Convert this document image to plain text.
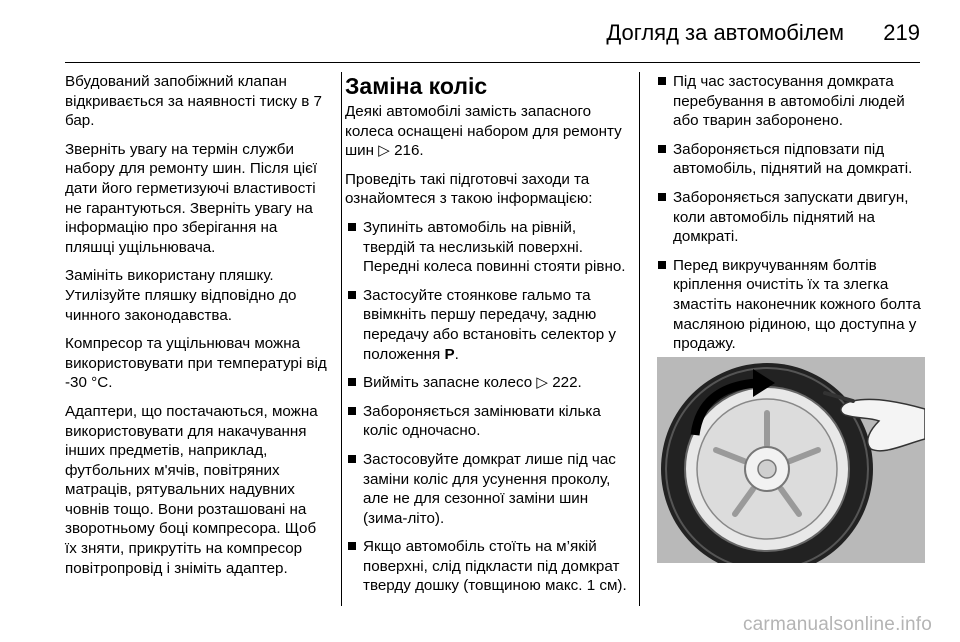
Догляд за автомобілем 219

Вбудований запобіжний клапан відкривається за наявності тиску в 7 бар.

Зверніть увагу на термін служби набору для ремонту шин. Після цієї дати його герметизуючі властивості не гарантуються. Зверніть увагу на інформацію про зберігання на пляшці ущільнювача.

Замініть використану пляшку. Утилізуйте пляшку відповідно до чинного законодавства.

Компресор та ущільнювач можна використовувати при температурі від -30 °C.

Адаптери, що постачаються, можна використовувати для накачування інших предметів, наприклад, футбольних м'ячів, повітряних матраців, рятувальних надувних човнів тощо. Вони розташовані на зворотньому боці компресора. Щоб їх зняти, прикрутіть на компресор повітропровід і зніміть адаптер.

Заміна коліс

Деякі автомобілі замість запасного колеса оснащені набором для ремонту шин ▷ 216.

Проведіть такі підготовчі заходи та ознайомтеся з такою інформацією:

Зупиніть автомобіль на рівній, твердій та неслизькій поверхні. Передні колеса повинні стояти рівно.
Застосуйте стоянкове гальмо та ввімкніть першу передачу, задню передачу або встановіть селектор у положення P.
Вийміть запасне колесо ▷ 222.
Забороняється замінювати кілька коліс одночасно.
Застосовуйте домкрат лише під час заміни коліс для усунення проколу, але не для сезонної заміни шин (зима-літо).
Якщо автомобіль стоїть на м’якій поверхні, слід підкласти під домкрат тверду дошку (товщиною макс. 1 см).
Під час застосування домкрата перебування в автомобілі людей або тварин заборонено.
Забороняється підповзати під автомобіль, піднятий на домкраті.
Забороняється запускати двигун, коли автомобіль піднятий на домкраті.
Перед викручуванням болтів кріплення очистіть їх та злегка змастіть наконечник кожного болта масляною рідиною, що доступна у продажу.
carmanualsonline.info
